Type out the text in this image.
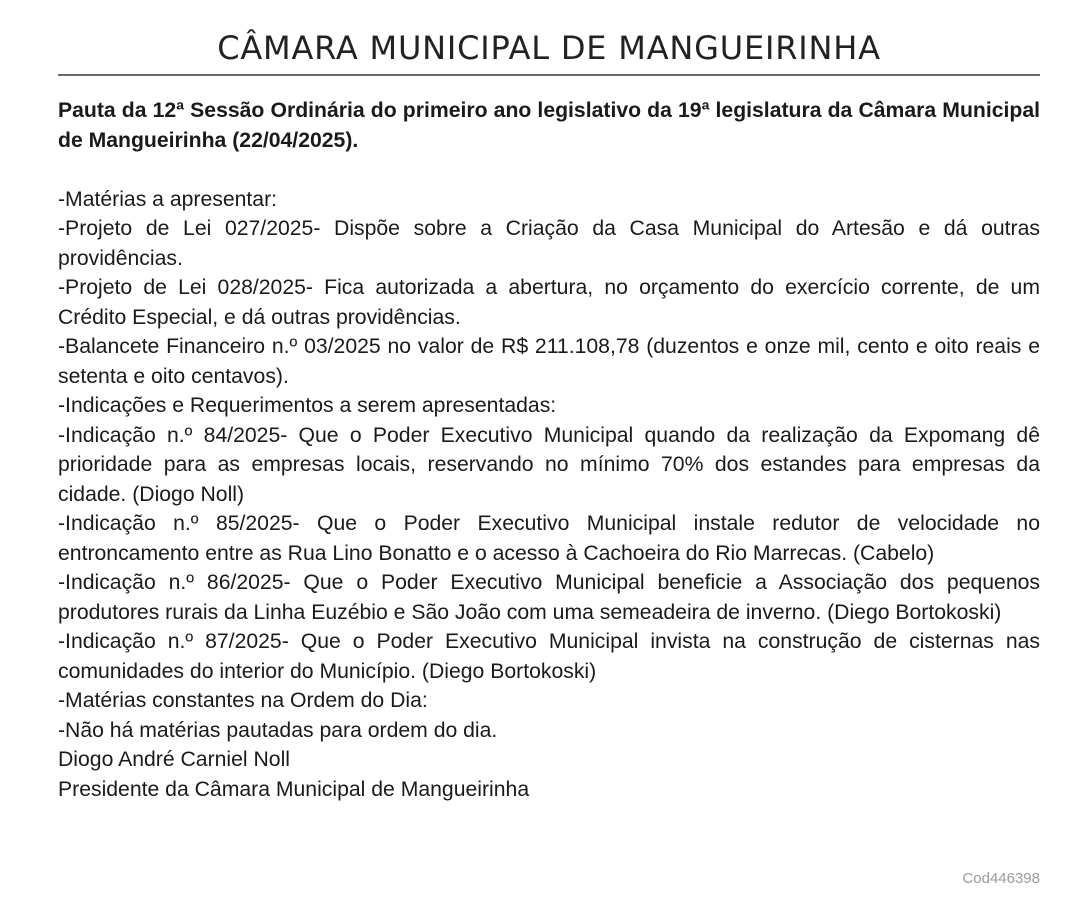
CÂMARA MUNICIPAL DE MANGUEIRINHA

Pauta da 12ª Sessão Ordinária do primeiro ano legislativo da 19ª legislatura da Câmara Municipal de Mangueirinha (22/04/2025).

-Matérias a apresentar:

-Projeto de Lei 027/2025- Dispõe sobre a Criação da Casa Municipal do Artesão e dá outras providências.

-Projeto de Lei 028/2025- Fica autorizada a abertura, no orçamento do exercício corrente, de um Crédito Especial, e dá outras providências.

-Balancete Financeiro n.º 03/2025 no valor de R$ 211.108,78 (duzentos e onze mil, cento e oito reais e setenta e oito centavos).

-Indicações e Requerimentos a serem apresentadas:

-Indicação n.º 84/2025- Que o Poder Executivo Municipal quando da realização da Expomang dê prioridade para as empresas locais, reservando no mínimo 70% dos estandes para empresas da cidade. (Diogo Noll)

-Indicação n.º 85/2025- Que o Poder Executivo Municipal instale redutor de velocidade no entroncamento entre as Rua Lino Bonatto e o acesso à Cachoeira do Rio Marrecas. (Cabelo)

-Indicação n.º 86/2025- Que o Poder Executivo Municipal beneficie a Associação dos pequenos produtores rurais da Linha Euzébio e São João com uma semeadeira de inverno. (Diego Bortokoski)

-Indicação n.º 87/2025- Que o Poder Executivo Municipal invista na construção de cisternas nas comunidades do interior do Município. (Diego Bortokoski)

-Matérias constantes na Ordem do Dia:

-Não há matérias pautadas para ordem do dia.

Diogo André Carniel Noll

Presidente da Câmara Municipal de Mangueirinha

Cod446398
